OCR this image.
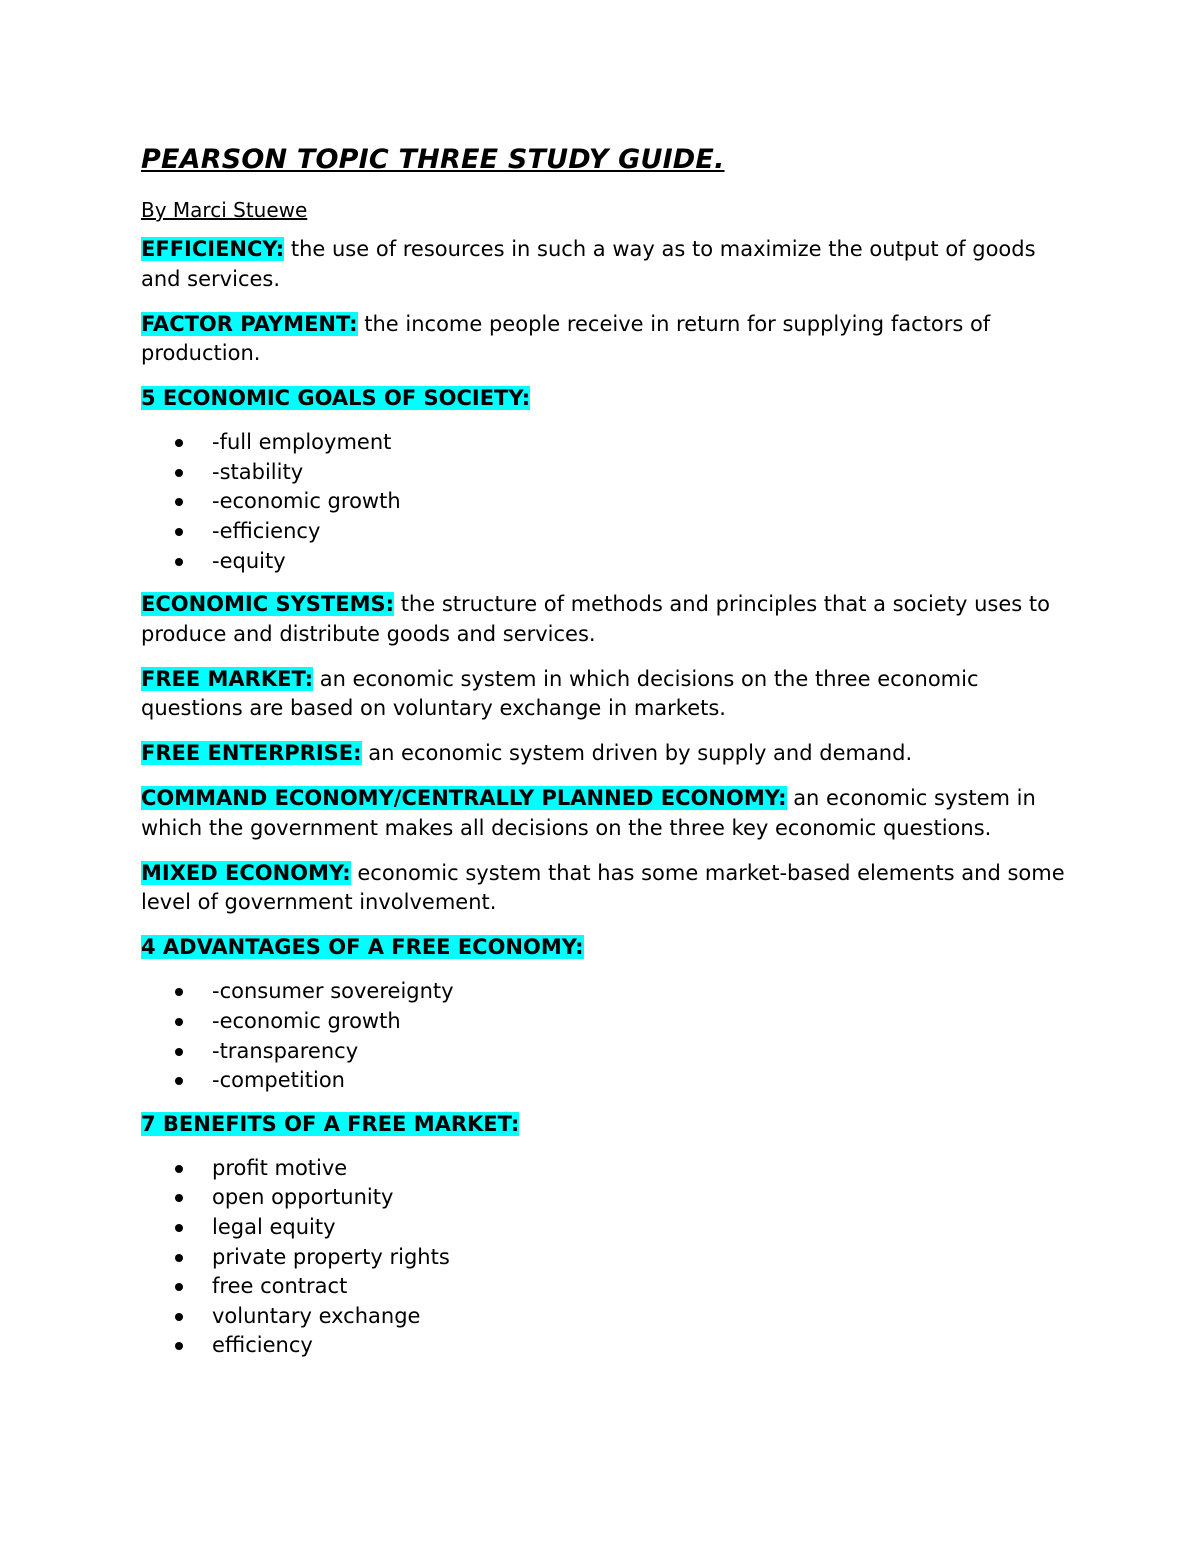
PEARSON TOPIC THREE STUDY GUIDE.

By Marci Stuewe

EFFICIENCY: the use of resources in such a way as to maximize the output of goods and services.

FACTOR PAYMENT: the income people receive in return for supplying factors of production.

5 ECONOMIC GOALS OF SOCIETY:

-full employment
-stability
-economic growth
-efficiency
-equity

ECONOMIC SYSTEMS: the structure of methods and principles that a society uses to produce and distribute goods and services.

FREE MARKET: an economic system in which decisions on the three economic questions are based on voluntary exchange in markets.

FREE ENTERPRISE: an economic system driven by supply and demand.

COMMAND ECONOMY/CENTRALLY PLANNED ECONOMY: an economic system in which the government makes all decisions on the three key economic questions.

MIXED ECONOMY: economic system that has some market-based elements and some level of government involvement.

4 ADVANTAGES OF A FREE ECONOMY:

-consumer sovereignty
-economic growth
-transparency
-competition

7 BENEFITS OF A FREE MARKET:

profit motive
open opportunity
legal equity
private property rights
free contract
voluntary exchange
efficiency
